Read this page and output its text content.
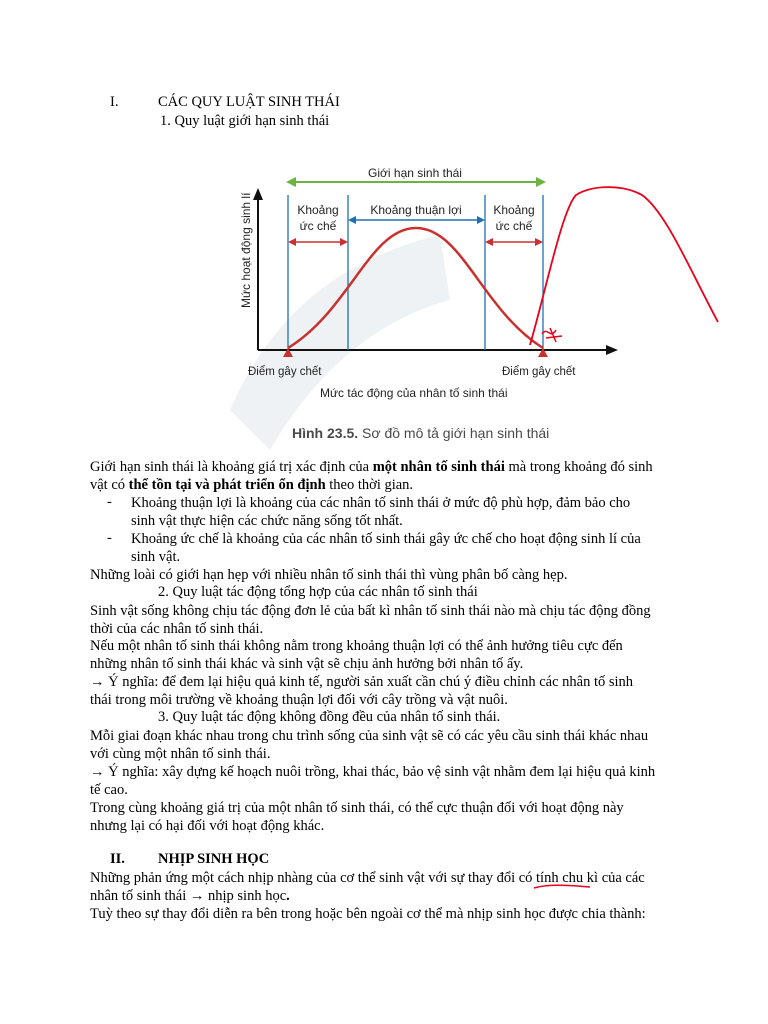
I.	CÁC QUY LUẬT SINH THÁI
1. Quy luật giới hạn sinh thái
Giới hạn sinh thái
Khoảng
ức chế
Khoảng thuận lợi	Khoảng
ức chế
Điểm gây chết	Điểm gây chết
Mức tác động của nhân tố sinh thái
Mức hoạt động sinh lí
Hình 23.5. Sơ đồ mô tả giới hạn sinh thái
Giới hạn sinh thái là khoảng giá trị xác định của một nhân tố sinh thái mà trong khoảng đó sinh
vật có thể tồn tại và phát triển ổn định theo thời gian.
- Khoảng thuận lợi là khoảng của các nhân tố sinh thái ở mức độ phù hợp, đảm bảo cho
sinh vật thực hiện các chức năng sống tốt nhất.
- Khoảng ức chế là khoảng của các nhân tố sinh thái gây ức chế cho hoạt động sinh lí của
sinh vật.
Những loài có giới hạn hẹp với nhiều nhân tố sinh thái thì vùng phân bố càng hẹp.
2. Quy luật tác động tổng hợp của các nhân tố sinh thái
Sinh vật sống không chịu tác động đơn lẻ của bất kì nhân tố sinh thái nào mà chịu tác động đồng
thời của các nhân tố sinh thái.
Nếu một nhân tố sinh thái không nằm trong khoảng thuận lợi có thể ảnh hưởng tiêu cực đến
những nhân tố sinh thái khác và sinh vật sẽ chịu ảnh hưởng bởi nhân tố ấy.
→ Ý nghĩa: để đem lại hiệu quả kinh tế, người sản xuất cần chú ý điều chỉnh các nhân tố sinh
thái trong môi trường về khoảng thuận lợi đối với cây trồng và vật nuôi.
3. Quy luật tác động không đồng đều của nhân tố sinh thái.
Mỗi giai đoạn khác nhau trong chu trình sống của sinh vật sẽ có các yêu cầu sinh thái khác nhau
với cùng một nhân tố sinh thái.
→ Ý nghĩa: xây dựng kế hoạch nuôi trồng, khai thác, bảo vệ sinh vật nhằm đem lại hiệu quả kinh
tế cao.
Trong cùng khoảng giá trị của một nhân tố sinh thái, có thể cực thuận đối với hoạt động này
nhưng lại có hại đối với hoạt động khác.
II. NHỊP SINH HỌC
Những phản ứng một cách nhịp nhàng của cơ thể sinh vật với sự thay đổi có tính chu kì
của các
nhân tố sinh thái → nhịp sinh học.
Tuỳ theo sự thay đổi diễn ra bên trong hoặc bên ngoài cơ thể mà nhịp sinh học được chia thành:
